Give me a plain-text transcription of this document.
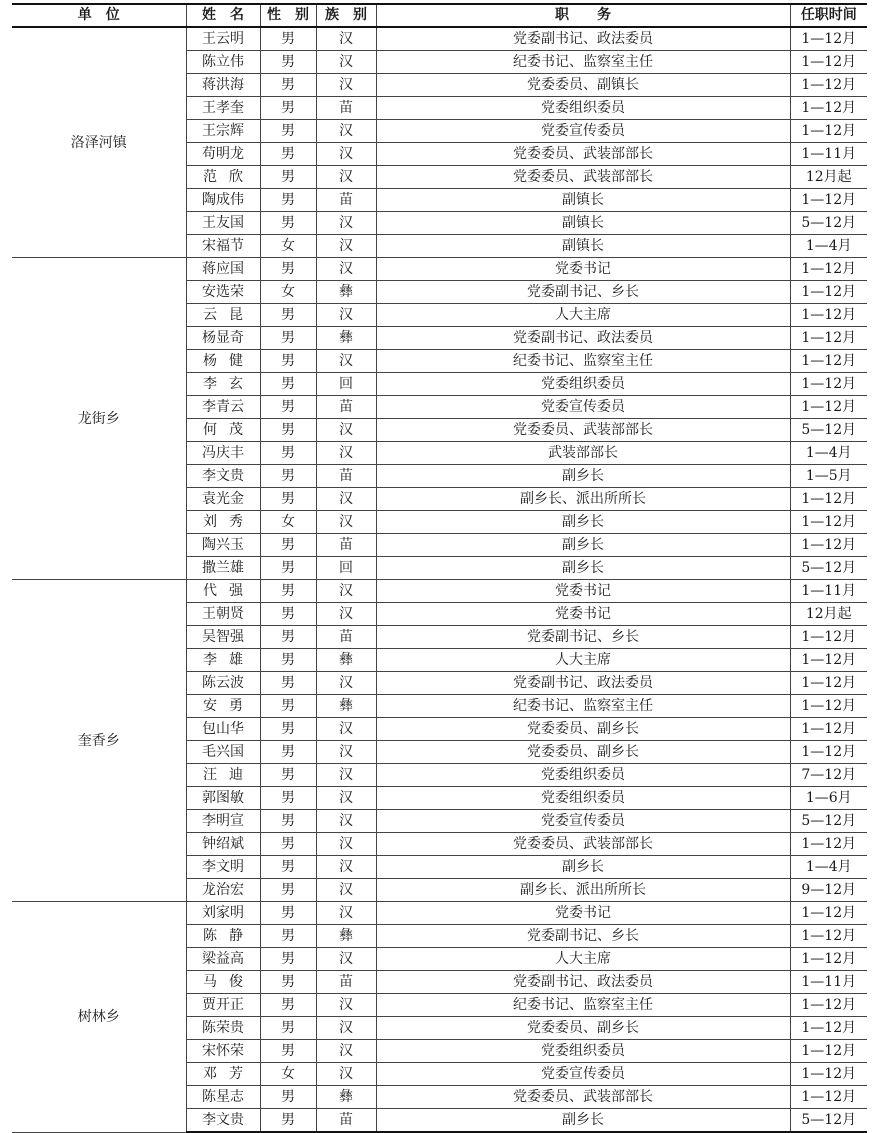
单　位	姓　名	性　别	族　别	职　　务	任职时间
洛泽河镇	王云明	男	汉	党委副书记、政法委员	1—12月
	陈立伟	男	汉	纪委书记、监察室主任	1—12月
	蒋洪海	男	汉	党委委员、副镇长	1—12月
	王孝奎	男	苗	党委组织委员	1—12月
	王宗辉	男	汉	党委宣传委员	1—12月
	苟明龙	男	汉	党委委员、武装部部长	1—11月
	范欣	男	汉	党委委员、武装部部长	12月起
	陶成伟	男	苗	副镇长	1—12月
	王友国	男	汉	副镇长	5—12月
	宋福节	女	汉	副镇长	1—4月
龙街乡	蒋应国	男	汉	党委书记	1—12月
	安选荣	女	彝	党委副书记、乡长	1—12月
	云昆	男	汉	人大主席	1—12月
	杨显奇	男	彝	党委副书记、政法委员	1—12月
	杨健	男	汉	纪委书记、监察室主任	1—12月
	李玄	男	回	党委组织委员	1—12月
	李青云	男	苗	党委宣传委员	1—12月
	何茂	男	汉	党委委员、武装部部长	5—12月
	冯庆丰	男	汉	武装部部长	1—4月
	李文贵	男	苗	副乡长	1—5月
	袁光金	男	汉	副乡长、派出所所长	1—12月
	刘秀	女	汉	副乡长	1—12月
	陶兴玉	男	苗	副乡长	1—12月
	撒兰雄	男	回	副乡长	5—12月
奎香乡	代强	男	汉	党委书记	1—11月
	王朝贤	男	汉	党委书记	12月起
	吴智强	男	苗	党委副书记、乡长	1—12月
	李雄	男	彝	人大主席	1—12月
	陈云波	男	汉	党委副书记、政法委员	1—12月
	安勇	男	彝	纪委书记、监察室主任	1—12月
	包山华	男	汉	党委委员、副乡长	1—12月
	毛兴国	男	汉	党委委员、副乡长	1—12月
	汪迪	男	汉	党委组织委员	7—12月
	郭图敏	男	汉	党委组织委员	1—6月
	李明宣	男	汉	党委宣传委员	5—12月
	钟绍斌	男	汉	党委委员、武装部部长	1—12月
	李文明	男	汉	副乡长	1—4月
	龙治宏	男	汉	副乡长、派出所所长	9—12月
树林乡	刘家明	男	汉	党委书记	1—12月
	陈静	男	彝	党委副书记、乡长	1—12月
	梁益高	男	汉	人大主席	1—12月
	马俊	男	苗	党委副书记、政法委员	1—11月
	贾开正	男	汉	纪委书记、监察室主任	1—12月
	陈荣贵	男	汉	党委委员、副乡长	1—12月
	宋怀荣	男	汉	党委组织委员	1—12月
	邓芳	女	汉	党委宣传委员	1—12月
	陈星志	男	彝	党委委员、武装部部长	1—12月
	李文贵	男	苗	副乡长	5—12月
